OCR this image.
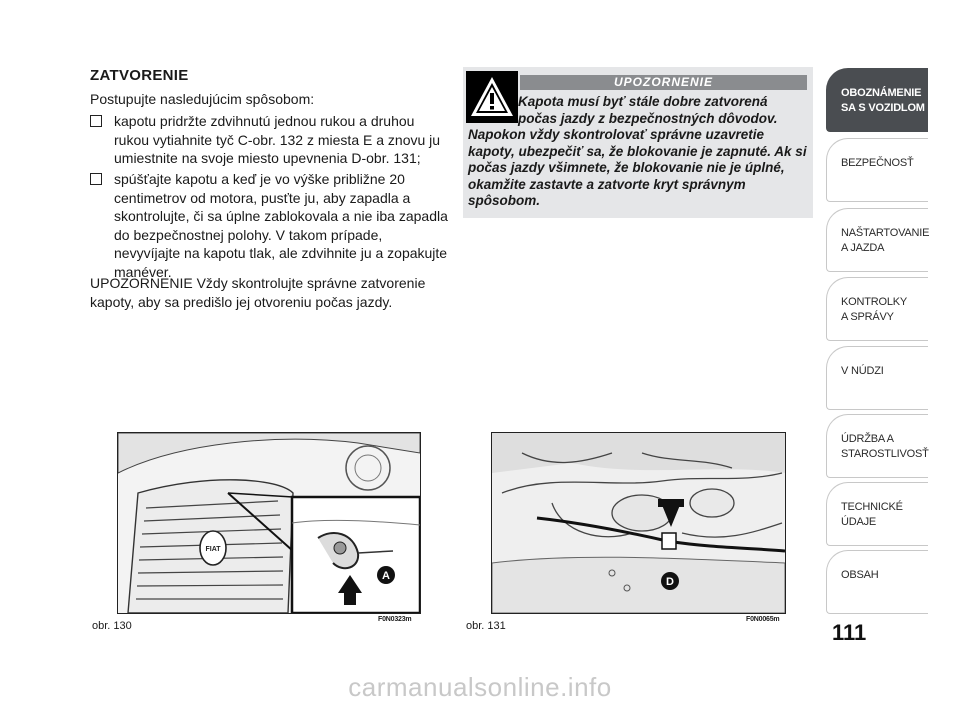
ZATVORENIE
Postupujte nasledujúcim spôsobom:
kapotu pridržte zdvihnutú jednou rukou a druhou rukou vytiahnite tyč C-obr. 132 z miesta E a znovu ju umiestnite na svoje miesto upevnenia D-obr. 131;
spúšťajte kapotu a keď je vo výške približne 20 centimetrov od motora, pusťte ju, aby zapadla a skontrolujte, či sa úplne zablokovala a nie iba zapadla do bezpečnostnej polohy. V takom prípade, nevyvíjajte na kapotu tlak, ale zdvihnite ju a zopakujte manéver.
UPOZORNENIE Vždy skontrolujte správne zatvorenie kapoty, aby sa predišlo jej otvoreniu počas jazdy.
UPOZORNENIE
Kapota musí byť stále dobre zatvorená počas jazdy z bezpečnostných dôvodov. Napokon vždy skontrolovať správne uzavretie kapoty, ubezpečiť sa, že blokovanie je zapnuté. Ak si počas jazdy všimnete, že blokovanie nie je úplné, okamžite zastavte a zatvorte kryt správnym spôsobom.
OBOZNÁMENIE
SA S VOZIDLOM
BEZPEČNOSŤ
NAŠTARTOVANIE
A JAZDA
KONTROLKY
A SPRÁVY
V NÚDZI
ÚDRŽBA A
STAROSTLIVOSŤ
TECHNICKÉ
ÚDAJE
OBSAH
111
FIAT
A
obr. 130
F0N0323m
D
obr. 131
F0N0065m
carmanualsonline.info
